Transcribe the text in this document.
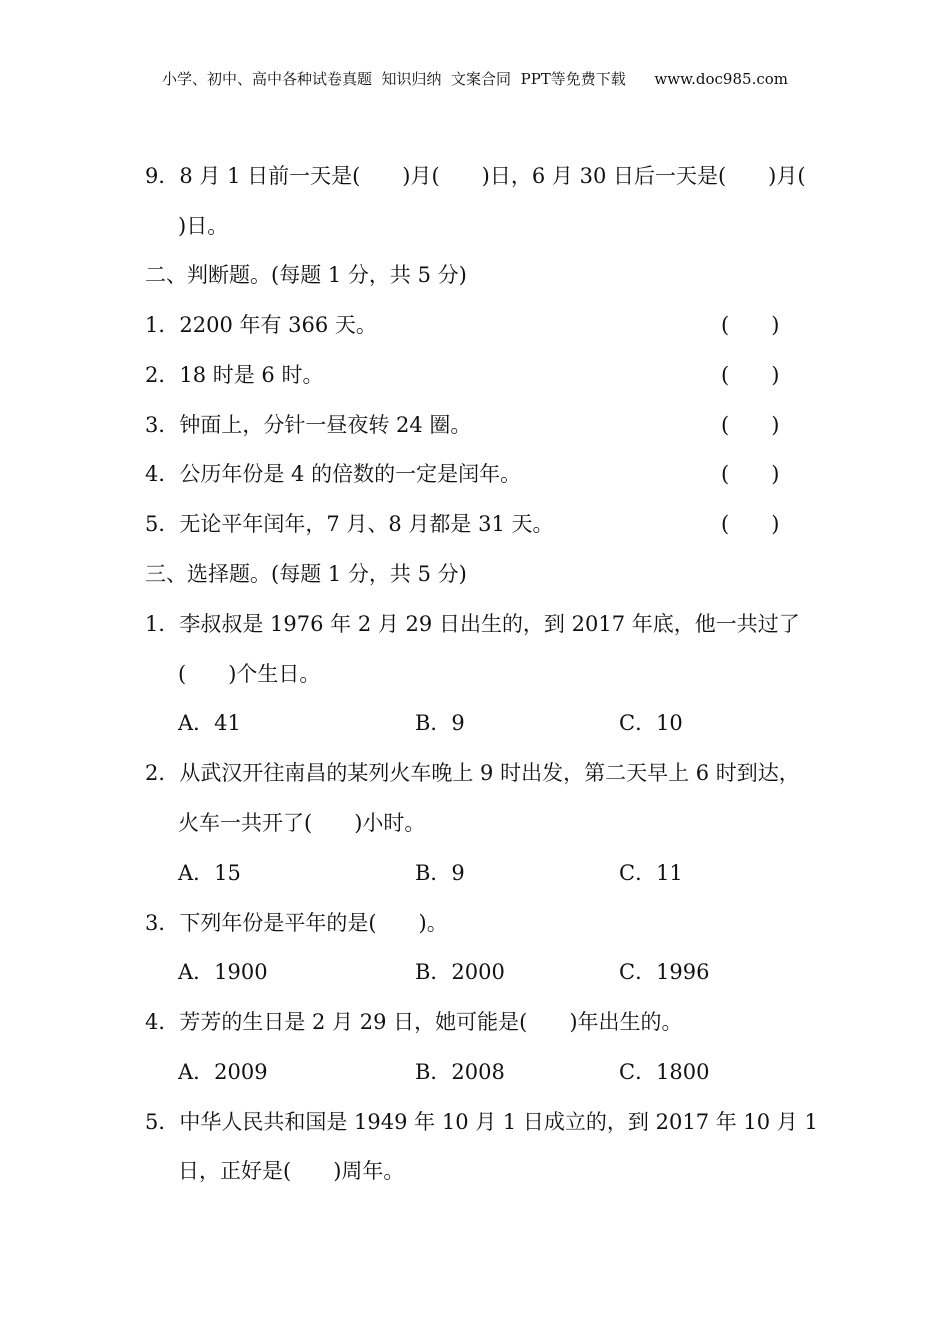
小学、初中、高中各种试卷真题  知识归纳  文案合同  PPT等免费下载      www.doc985.com
9．8 月 1 日前一天是(　　)月(　　)日，6 月 30 日后一天是(　　)月(
)日。
二、判断题。(每题 1 分，共 5 分)
1．2200 年有 366 天。	(　　)
2．18 时是 6 时。	(　　)
3．钟面上，分针一昼夜转 24 圈。	(　　)
4．公历年份是 4 的倍数的一定是闰年。	(　　)
5．无论平年闰年，7 月、8 月都是 31 天。	(　　)
三、选择题。(每题 1 分，共 5 分)
1．李叔叔是 1976 年 2 月 29 日出生的，到 2017 年底，他一共过了
(　　)个生日。
A．41	B．9	C．10
2．从武汉开往南昌的某列火车晚上 9 时出发，第二天早上 6 时到达，
火车一共开了(　　)小时。
A．15	B．9	C．11
3．下列年份是平年的是(　　)。
A．1900	B．2000	C．1996
4．芳芳的生日是 2 月 29 日，她可能是(　　)年出生的。
A．2009	B．2008	C．1800
5．中华人民共和国是 1949 年 10 月 1 日成立的，到 2017 年 10 月 1
日，正好是(　　)周年。
